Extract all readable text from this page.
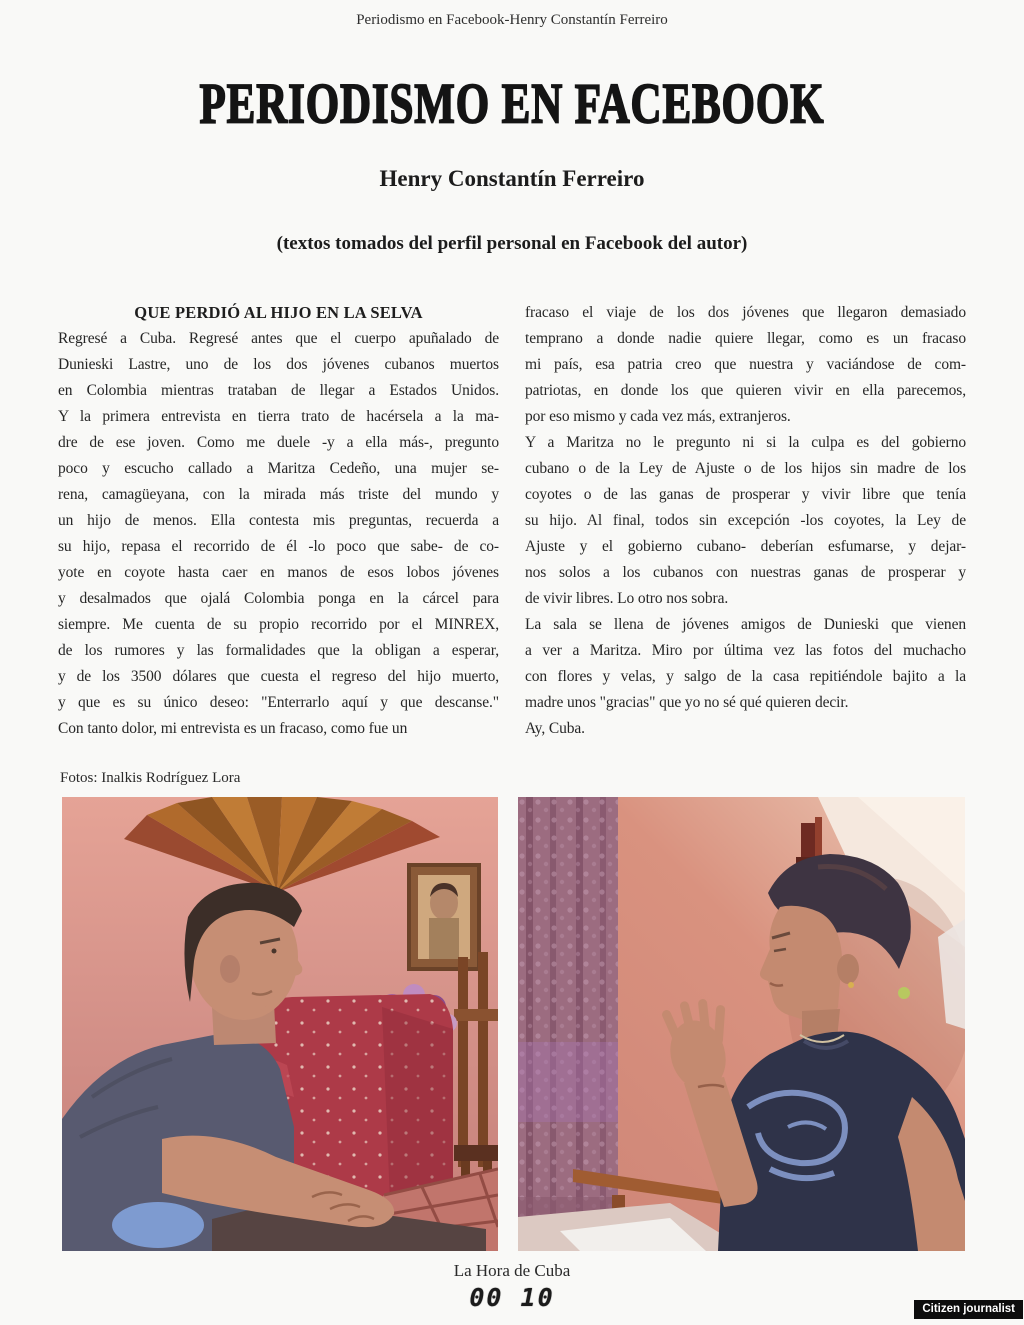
Periodismo en Facebook-Henry Constantín Ferreiro
PERIODISMO EN FACEBOOK
Henry Constantín Ferreiro
(textos tomados del perfil personal en Facebook del autor)
QUE PERDIÓ AL HIJO EN LA SELVA
Regresé a Cuba. Regresé antes que el cuerpo apuñalado de
Dunieski Lastre, uno de los dos jóvenes cubanos muertos
en Colombia mientras trataban de llegar a Estados Unidos.
Y la primera entrevista en tierra trato de hacérsela a la ma-
dre de ese joven. Como me duele -y a ella más-, pregunto
poco y escucho callado a Maritza Cedeño, una mujer se-
rena, camagüeyana, con la mirada más triste del mundo y
un hijo de menos. Ella contesta mis preguntas, recuerda a
su hijo, repasa el recorrido de él -lo poco que sabe- de co-
yote en coyote hasta caer en manos de esos lobos jóvenes
y desalmados que ojalá Colombia ponga en la cárcel para
siempre. Me cuenta de su propio recorrido por el MINREX,
de los rumores y las formalidades que la obligan a esperar,
y de los 3500 dólares que cuesta el regreso del hijo muerto,
y que es su único deseo: "Enterrarlo aquí y que descanse."
Con tanto dolor, mi entrevista es un fracaso, como fue un
fracaso el viaje de los dos jóvenes que llegaron demasiado
temprano a donde nadie quiere llegar, como es un fracaso
mi país, esa patria creo que nuestra y vaciándose de com-
patriotas, en donde los que quieren vivir en ella parecemos,
por eso mismo y cada vez más, extranjeros.
Y a Maritza no le pregunto ni si la culpa es del gobierno
cubano o de la Ley de Ajuste o de los hijos sin madre de los
coyotes o de las ganas de prosperar y vivir libre que tenía
su hijo. Al final, todos sin excepción -los coyotes, la Ley de
Ajuste y el gobierno cubano- deberían esfumarse, y dejar-
nos solos a los cubanos con nuestras ganas de prosperar y
de vivir libres. Lo otro nos sobra.
La sala se llena de jóvenes amigos de Dunieski que vienen
a ver a Maritza. Miro por última vez las fotos del muchacho
con flores y velas, y salgo de la casa repitiéndole bajito a la
madre unos "gracias" que yo no sé qué quieren decir.
Ay, Cuba.
Fotos: Inalkis Rodríguez Lora
La Hora de Cuba
00 10	Citizen journalist
